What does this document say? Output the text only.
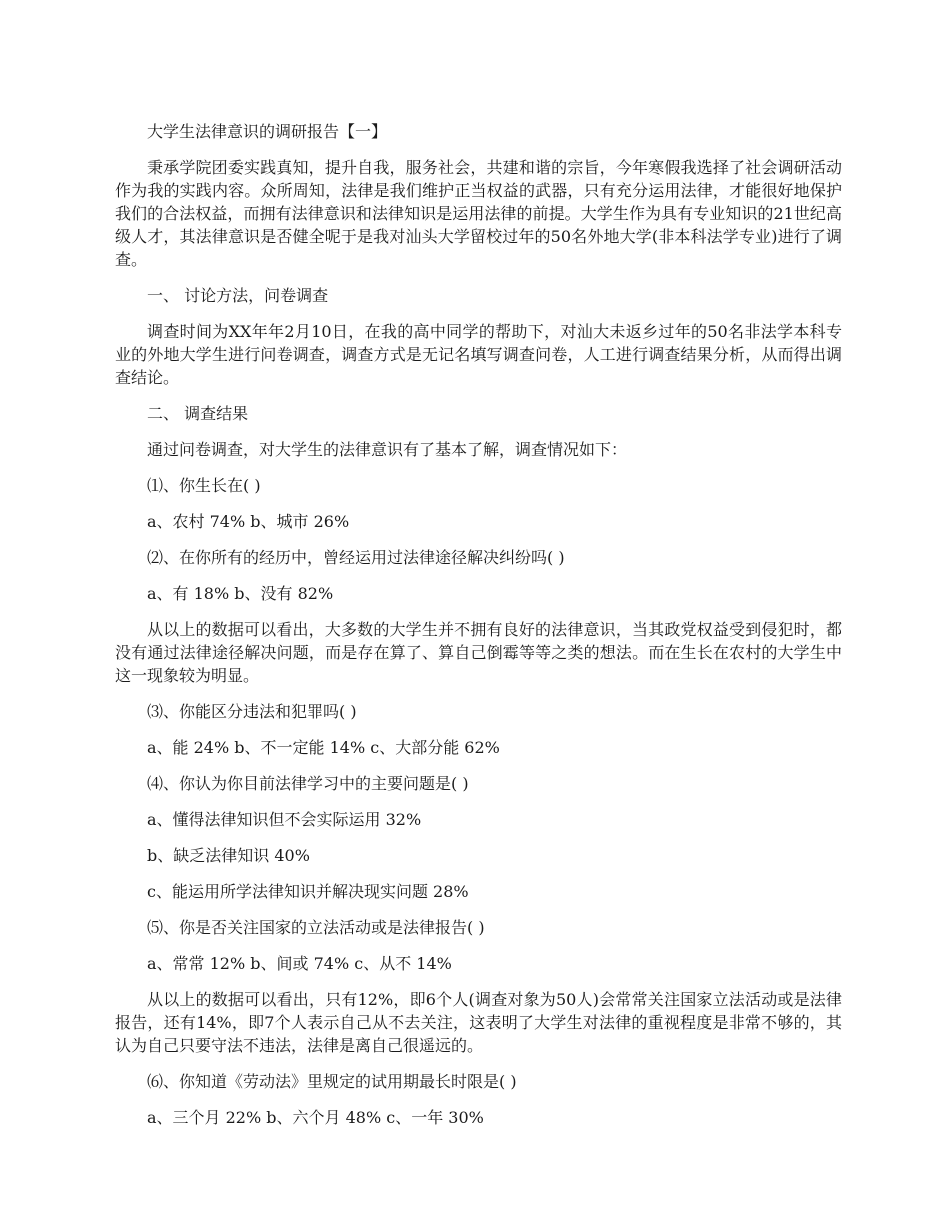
大学生法律意识的调研报告【一】

秉承学院团委实践真知，提升自我，服务社会，共建和谐的宗旨，今年寒假我选择了社会调研活动作为我的实践内容。众所周知，法律是我们维护正当权益的武器，只有充分运用法律，才能很好地保护我们的合法权益，而拥有法律意识和法律知识是运用法律的前提。大学生作为具有专业知识的21世纪高级人才，其法律意识是否健全呢于是我对汕头大学留校过年的50名外地大学(非本科法学专业)进行了调查。

一、 讨论方法，问卷调查

调查时间为XX年年2月10日，在我的高中同学的帮助下，对汕大未返乡过年的50名非法学本科专业的外地大学生进行问卷调查，调查方式是无记名填写调查问卷，人工进行调查结果分析，从而得出调查结论。

二、 调查结果

通过问卷调查，对大学生的法律意识有了基本了解，调查情况如下：

⑴、你生长在( )

a、农村 74% b、城市 26%

⑵、在你所有的经历中，曾经运用过法律途径解决纠纷吗( )

a、有 18% b、没有 82%

从以上的数据可以看出，大多数的大学生并不拥有良好的法律意识，当其政党权益受到侵犯时，都没有通过法律途径解决问题，而是存在算了、算自己倒霉等等之类的想法。而在生长在农村的大学生中这一现象较为明显。

⑶、你能区分违法和犯罪吗( )

a、能 24% b、不一定能 14% c、大部分能 62%

⑷、你认为你目前法律学习中的主要问题是( )

a、懂得法律知识但不会实际运用 32%

b、缺乏法律知识 40%

c、能运用所学法律知识并解决现实问题 28%

⑸、你是否关注国家的立法活动或是法律报告( )

a、常常 12% b、间或 74% c、从不 14%

从以上的数据可以看出，只有12%，即6个人(调查对象为50人)会常常关注国家立法活动或是法律报告，还有14%，即7个人表示自己从不去关注，这表明了大学生对法律的重视程度是非常不够的，其认为自己只要守法不违法，法律是离自己很遥远的。

⑹、你知道《劳动法》里规定的试用期最长时限是( )

a、三个月 22% b、六个月 48% c、一年 30%
